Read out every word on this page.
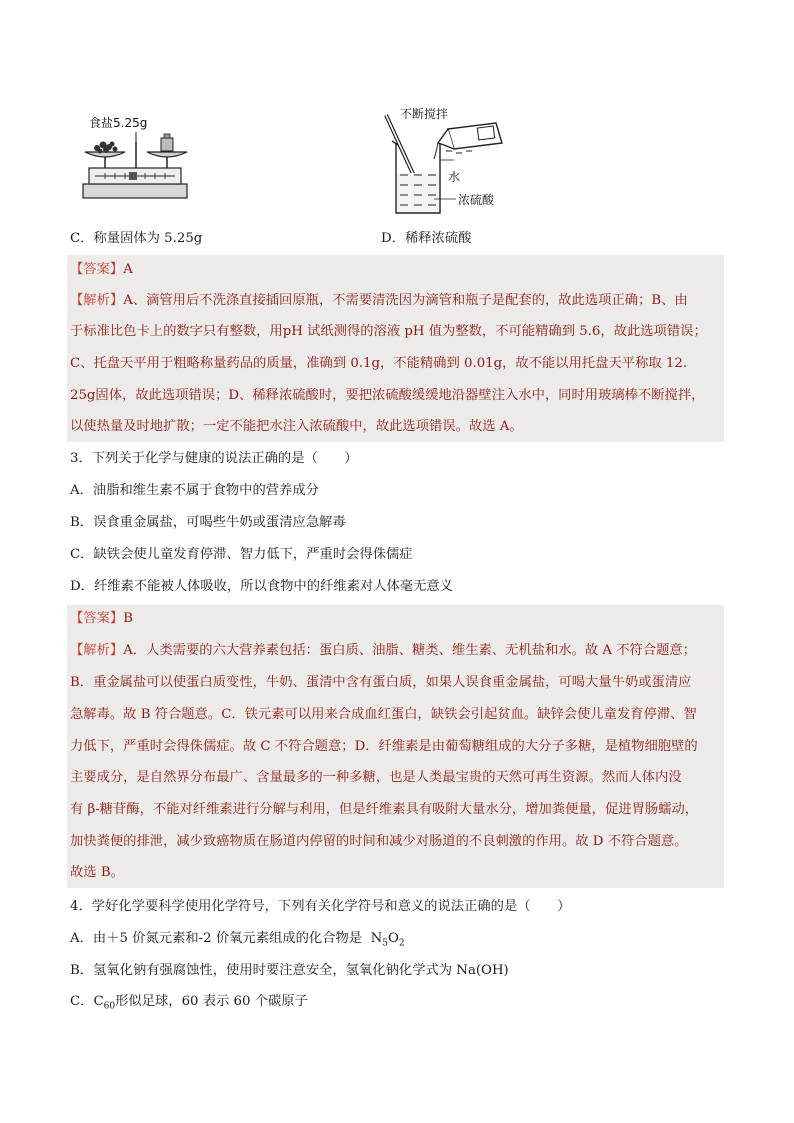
食盐5.25g
不断搅拌
水
浓硫酸
C．称量固体为 5.25g	D．稀释浓硫酸
【答案】A
【解析】A、滴管用后不洗涤直接插回原瓶，不需要清洗因为滴管和瓶子是配套的，故此选项正确；B、由
于标准比色卡上的数字只有整数，用pH 试纸测得的溶液 pH 值为整数，不可能精确到 5.6，故此选项错误；
C、托盘天平用于粗略称量药品的质量，准确到 0.1g，不能精确到 0.01g，故不能以用托盘天平称取 12.
25g固体，故此选项错误；D、稀释浓硫酸时，要把浓硫酸缓缓地沿器壁注入水中，同时用玻璃棒不断搅拌，
以使热量及时地扩散；一定不能把水注入浓硫酸中，故此选项错误。故选 A。
3．下列关于化学与健康的说法正确的是（　　）
A．油脂和维生素不属于食物中的营养成分
B．误食重金属盐，可喝些牛奶或蛋清应急解毒
C．缺铁会使儿童发育停滞、智力低下，严重时会得侏儒症
D．纤维素不能被人体吸收，所以食物中的纤维素对人体毫无意义
【答案】B
【解析】A．人类需要的六大营养素包括：蛋白质、油脂、糖类、维生素、无机盐和水。故 A 不符合题意；
B．重金属盐可以使蛋白质变性，牛奶、蛋清中含有蛋白质，如果人误食重金属盐，可喝大量牛奶或蛋清应
急解毒。故 B 符合题意。C．铁元素可以用来合成血红蛋白，缺铁会引起贫血。缺锌会使儿童发育停滞、智
力低下，严重时会得侏儒症。故 C 不符合题意；D．纤维素是由葡萄糖组成的大分子多糖，是植物细胞壁的
主要成分，是自然界分布最广、含量最多的一种多糖，也是人类最宝贵的天然可再生资源。然而人体内没
有 β-糖苷酶，不能对纤维素进行分解与利用，但是纤维素具有吸附大量水分，增加粪便量，促进胃肠蠕动，
加快粪便的排泄，减少致癌物质在肠道内停留的时间和减少对肠道的不良刺激的作用。故 D 不符合题意。
故选 B。
4．学好化学要科学使用化学符号，下列有关化学符号和意义的说法正确的是（　　）
A．由＋5 价氮元素和-2 价氧元素组成的化合物是 $N_5O_2$
B．氢氧化钠有强腐蚀性，使用时要注意安全，氢氧化钠化学式为 Na(OH)
C．$C_{60}$形似足球，60 表示 60 个碳原子
